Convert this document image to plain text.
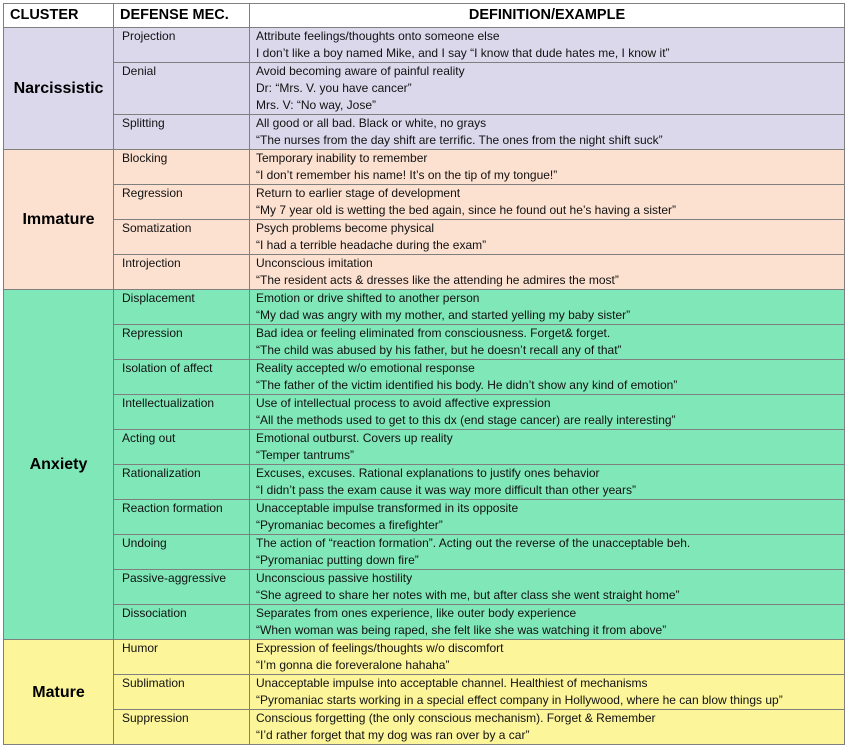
CLUSTER	DEFENSE MEC.	DEFINITION/EXAMPLE
Narcissistic	Projection	Attribute feelings/thoughts onto someone else
I don’t like a boy named Mike, and I say “I know that dude hates me, I know it”

	Denial	Avoid becoming aware of painful reality
Dr: “Mrs. V. you have cancer”
Mrs. V: “No way, Jose”

	Splitting	All good or all bad. Black or white, no grays
“The nurses from the day shift are terrific. The ones from the night shift suck”

Immature	Blocking	Temporary inability to remember
“I don’t remember his name! It’s on the tip of my tongue!”

	Regression	Return to earlier stage of development
“My 7 year old is wetting the bed again, since he found out he’s having a sister”

	Somatization	Psych problems become physical
“I had a terrible headache during the exam”

	Introjection	Unconscious imitation
“The resident acts & dresses like the attending he admires the most”

Anxiety	Displacement	Emotion or drive shifted to another person
“My dad was angry with my mother, and started yelling my baby sister”

	Repression	Bad idea or feeling eliminated from consciousness. Forget& forget.
“The child was abused by his father, but he doesn’t recall any of that”

	Isolation of affect	Reality accepted w/o emotional response
“The father of the victim identified his body. He didn’t show any kind of emotion”

	Intellectualization	Use of intellectual process to avoid affective expression
“All the methods used to get to this dx (end stage cancer) are really interesting”

	Acting out	Emotional outburst. Covers up reality
“Temper tantrums”

	Rationalization	Excuses, excuses. Rational explanations to justify ones behavior
“I didn’t pass the exam cause it was way more difficult than other years”

	Reaction formation	Unacceptable impulse transformed in its opposite
“Pyromaniac becomes a firefighter”

	Undoing	The action of “reaction formation”. Acting out the reverse of the unacceptable beh.
“Pyromaniac putting down fire”

	Passive-aggressive	Unconscious passive hostility
“She agreed to share her notes with me, but after class she went straight home”

	Dissociation	Separates from ones experience, like outer body experience
“When woman was being raped, she felt like she was watching it from above”

Mature	Humor	Expression of feelings/thoughts w/o discomfort
“I’m gonna die foreveralone hahaha”

	Sublimation	Unacceptable impulse into acceptable channel. Healthiest of mechanisms
“Pyromaniac starts working in a special effect company in Hollywood, where he can blow things up”

	Suppression	Conscious forgetting (the only conscious mechanism). Forget & Remember
“I’d rather forget that my dog was ran over by a car”
